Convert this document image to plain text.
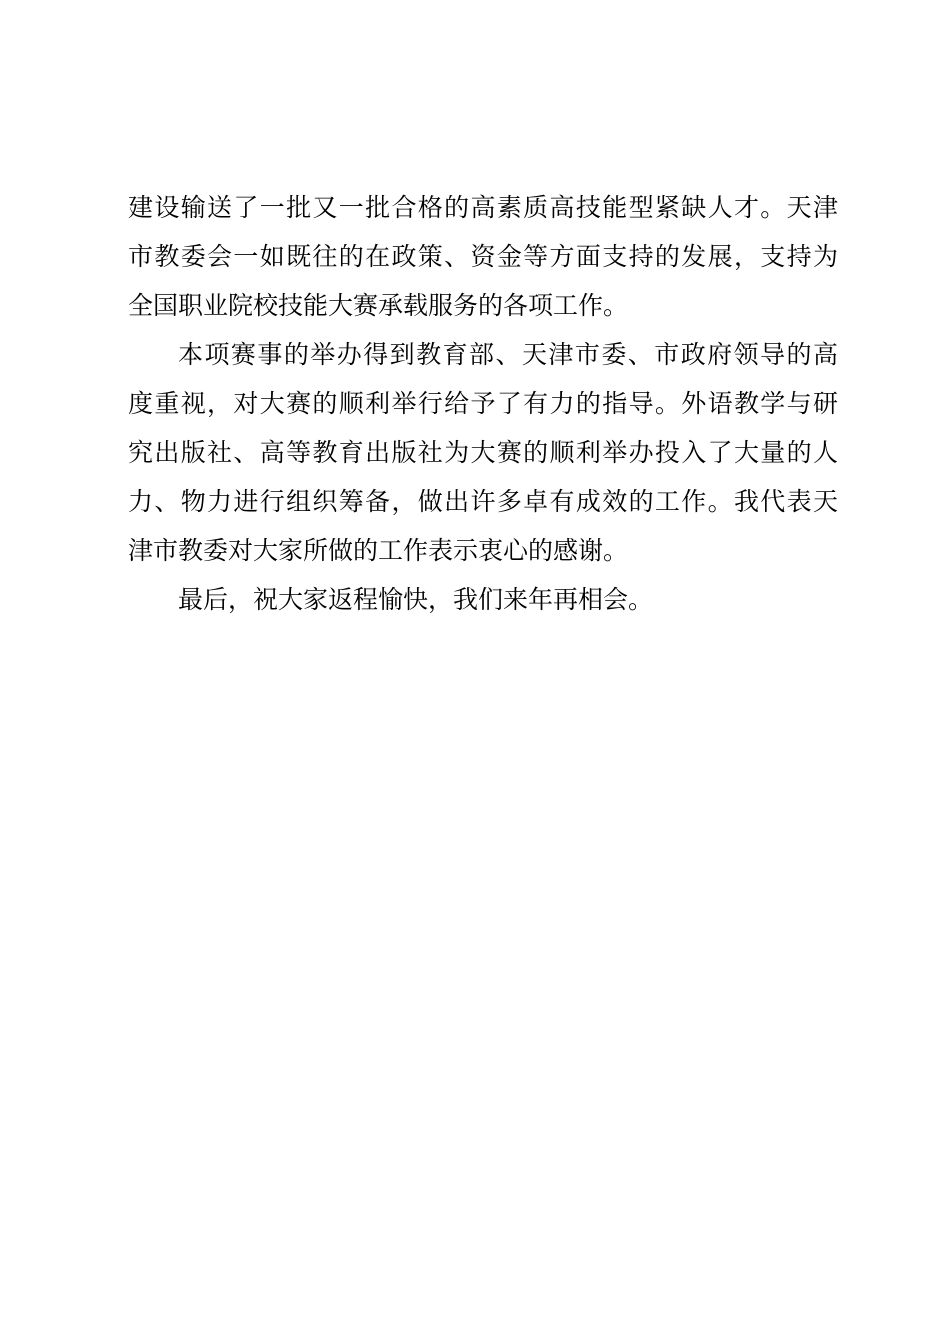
建设输送了一批又一批合格的高素质高技能型紧缺人才。天津
市教委会一如既往的在政策、资金等方面支持的发展，支持为
全国职业院校技能大赛承载服务的各项工作。

本项赛事的举办得到教育部、天津市委、市政府领导的高
度重视，对大赛的顺利举行给予了有力的指导。外语教学与研
究出版社、高等教育出版社为大赛的顺利举办投入了大量的人
力、物力进行组织筹备，做出许多卓有成效的工作。我代表天
津市教委对大家所做的工作表示衷心的感谢。

最后，祝大家返程愉快，我们来年再相会。
